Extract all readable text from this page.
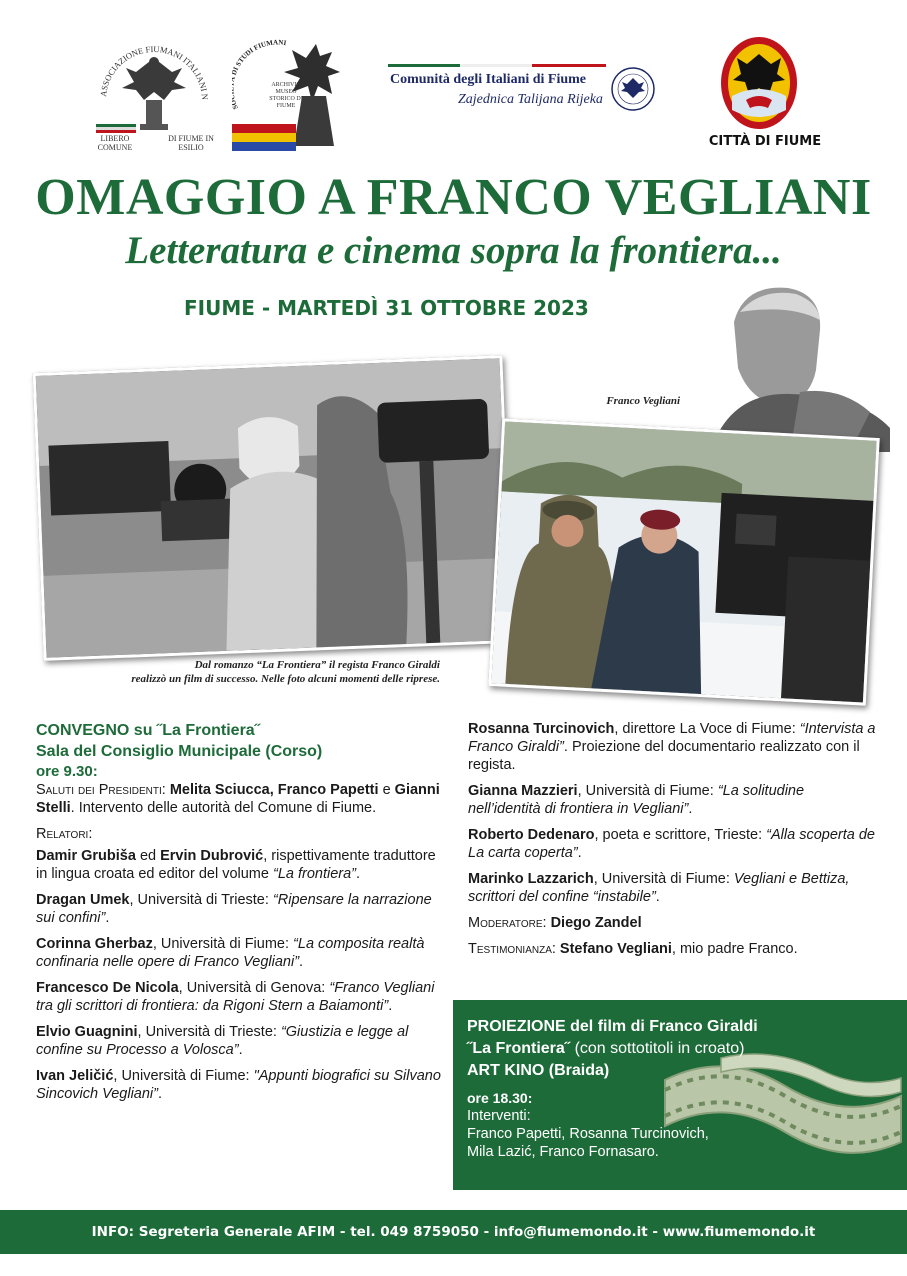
ASSOCIAZIONE FIUMANI ITALIANI N
LIBERO COMUNE
DI FIUME IN ESILIO
I STUDI FIUMANI
ARCHIVIO MUSEO STORICO DI FIUME
Comunità degli Italiani di Fiume
Zajednica Talijana Rijeka
CITTÀ DI FIUME
OMAGGIO A FRANCO VEGLIANI
Letteratura e cinema sopra la frontiera...
FIUME - MARTEDÌ 31 OTTOBRE 2023
Franco Vegliani
Dal romanzo “La Frontiera” il regista Franco Giraldi
realizzò un film di successo. Nelle foto alcuni momenti delle riprese.
CONVEGNO su ˝La Frontiera˝
Sala del Consiglio Municipale (Corso)
ore 9.30:

Saluti dei Presidenti: Melita Sciucca, Franco Papetti e Gianni Stelli. Intervento delle autorità del Comune di Fiume.

Relatori:

Damir Grubiša ed Ervin Dubrović, rispettivamente traduttore in lingua croata ed editor del volume “La frontiera”.

Dragan Umek, Università di Trieste: “Ripensare la narrazione sui confini”.

Corinna Gherbaz, Università di Fiume: “La composita realtà confinaria nelle opere di Franco Vegliani”.

Francesco De Nicola, Università di Genova: “Franco Vegliani tra gli scrittori di frontiera: da Rigoni Stern a Baiamonti”.

Elvio Guagnini, Università di Trieste: “Giustizia e legge al confine su Processo a Volosca”.

Ivan Jeličić, Università di Fiume: "Appunti biografici su Silvano Sincovich Vegliani”.

Rosanna Turcinovich, direttore La Voce di Fiume: “Intervista a Franco Giraldi”. Proiezione del documentario realizzato con il regista.

Gianna Mazzieri, Università di Fiume: “La solitudine nell’identità di frontiera in Vegliani”.

Roberto Dedenaro, poeta e scrittore, Trieste: “Alla scoperta de La carta coperta”.

Marinko Lazzarich, Università di Fiume: Vegliani e Bettiza, scrittori del confine “instabile”.

Moderatore: Diego Zandel

Testimonianza: Stefano Vegliani, mio padre Franco.

PROIEZIONE del film di Franco Giraldi
˝La Frontiera˝ (con sottotitoli in croato)
ART KINO (Braida)
ore 18.30:
Interventi:
Franco Papetti, Rosanna Turcinovich,
Mila Lazić, Franco Fornasaro.
INFO: Segreteria Generale AFIM - tel. 049 8759050 - info@fiumemondo.it - www.fiumemondo.it
